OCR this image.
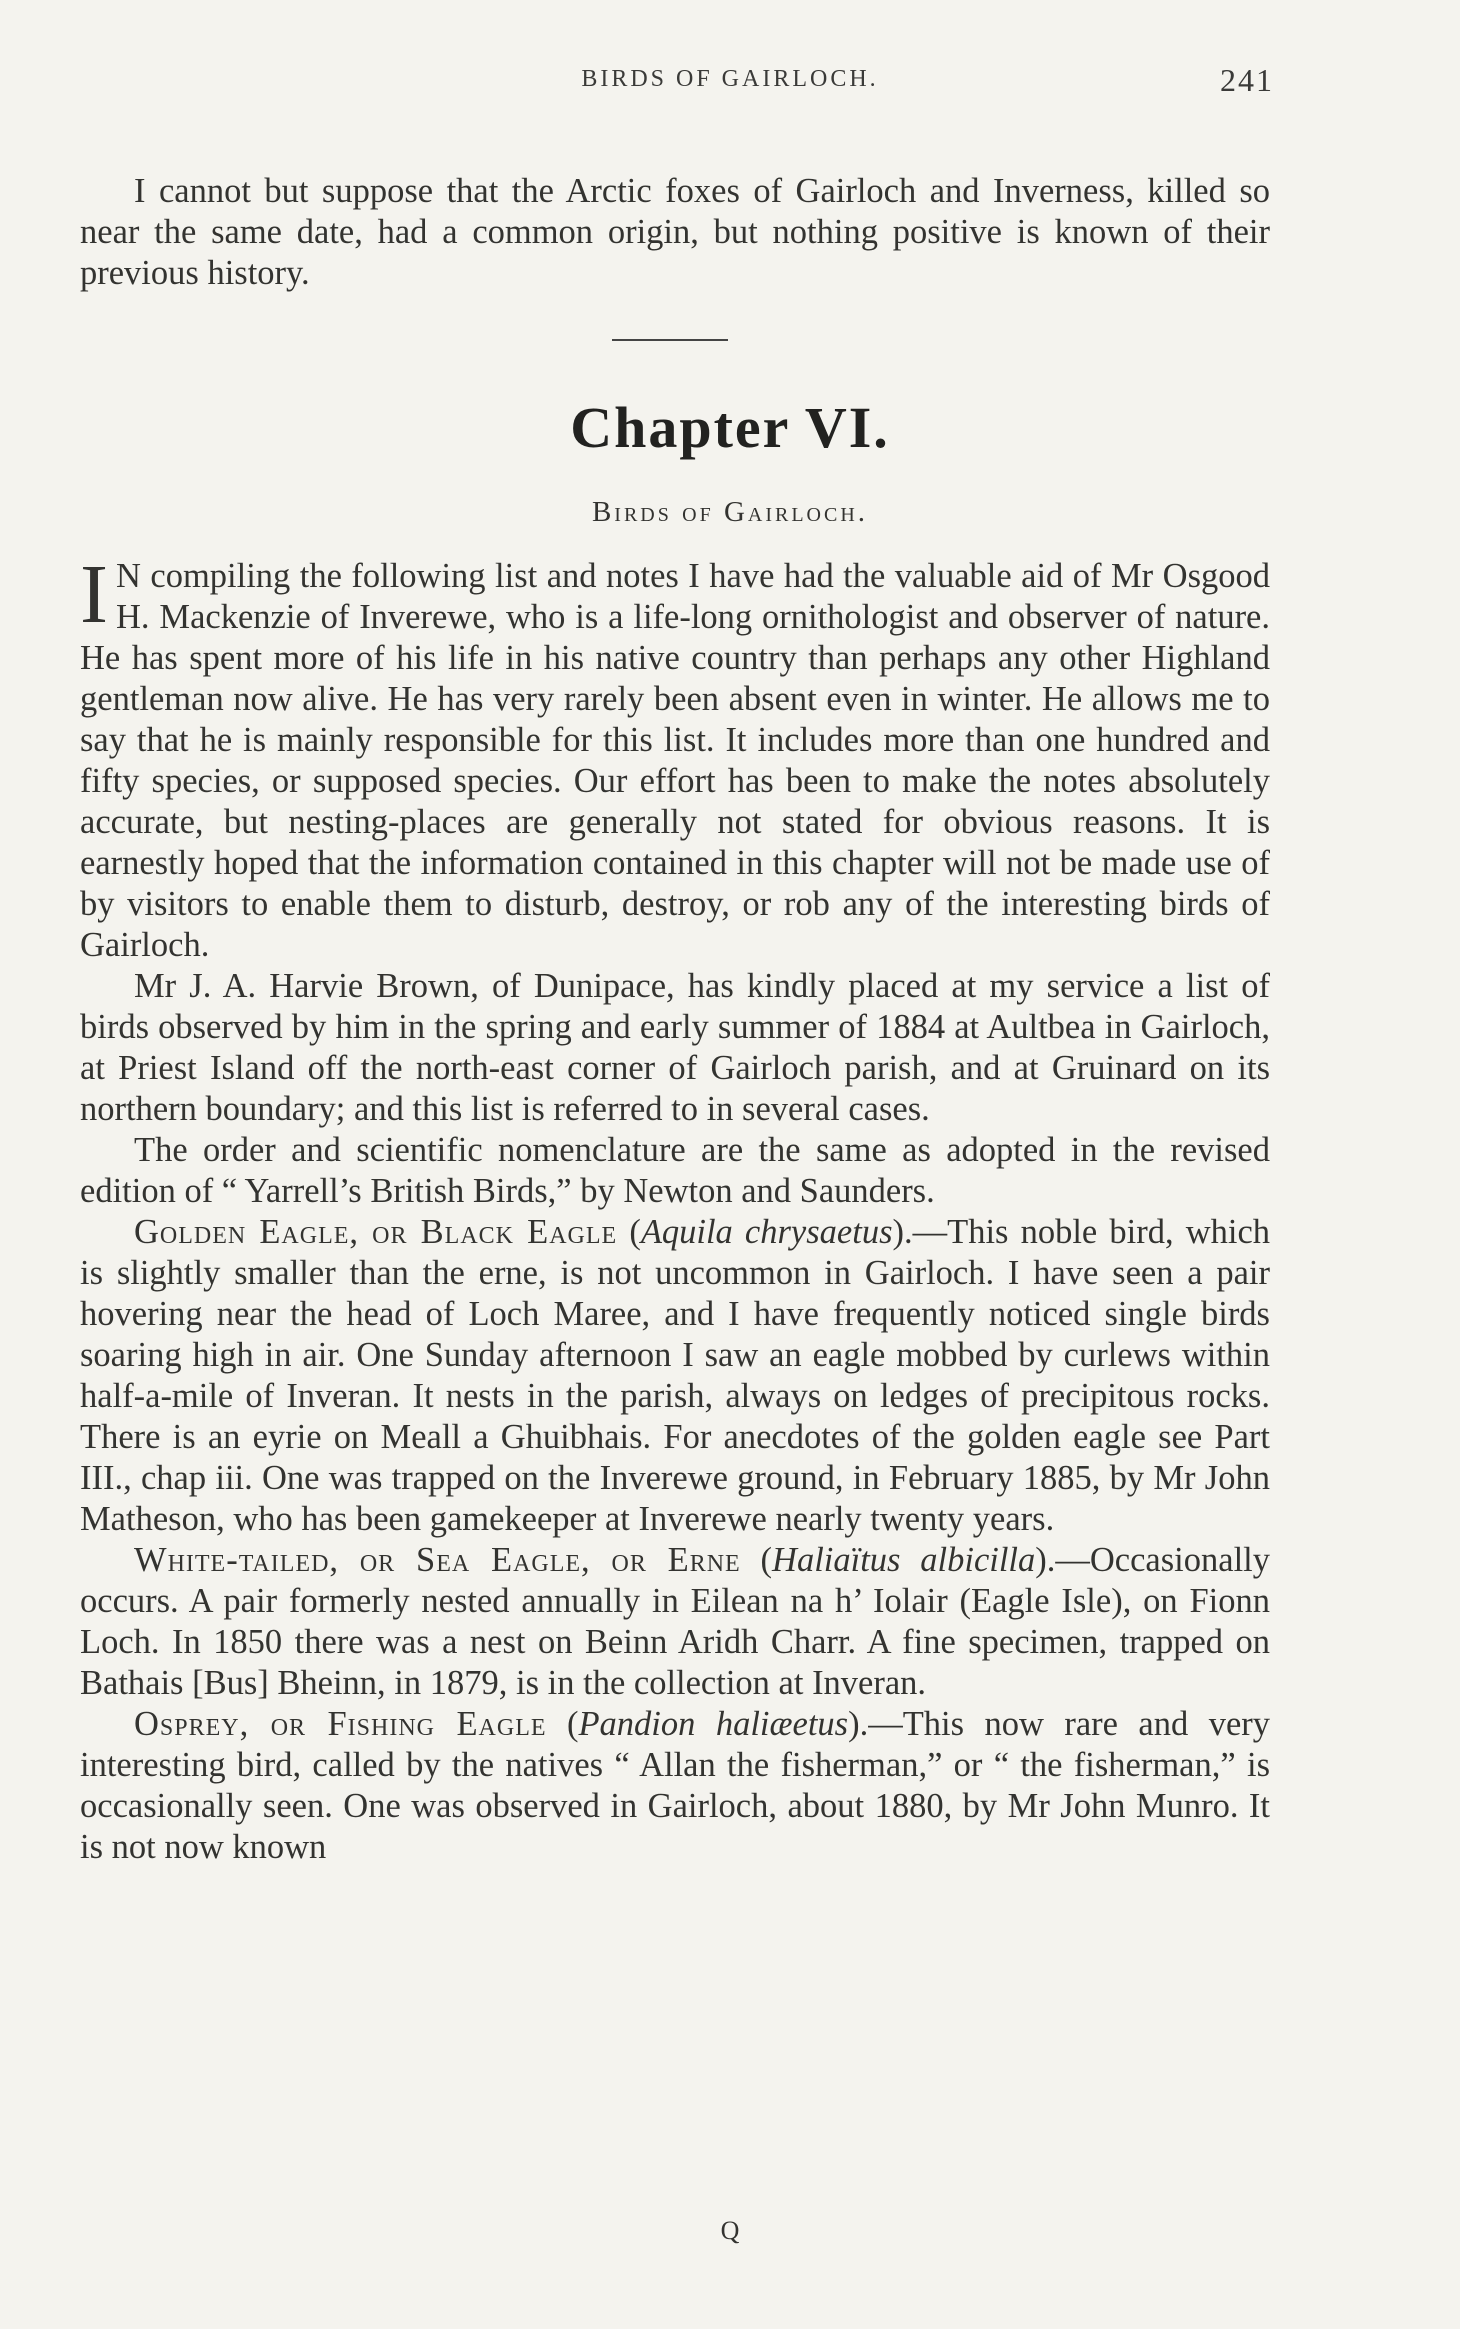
BIRDS OF GAIRLOCH.	241

I cannot but suppose that the Arctic foxes of Gairloch and Inverness, killed so near the same date, had a common origin, but nothing positive is known of their previous history.

Chapter VI.
Birds of Gairloch.

I N compiling the following list and notes I have had the valuable aid of Mr Osgood H. Mackenzie of Inverewe, who is a life-long ornithologist and observer of nature. He has spent more of his life in his native country than perhaps any other Highland gentleman now alive. He has very rarely been absent even in winter. He allows me to say that he is mainly responsible for this list. It includes more than one hundred and fifty species, or supposed species. Our effort has been to make the notes absolutely accurate, but nesting-places are generally not stated for obvious reasons. It is earnestly hoped that the information contained in this chapter will not be made use of by visitors to enable them to disturb, destroy, or rob any of the interesting birds of Gairloch.

Mr J. A. Harvie Brown, of Dunipace, has kindly placed at my service a list of birds observed by him in the spring and early summer of 1884 at Aultbea in Gairloch, at Priest Island off the north-east corner of Gairloch parish, and at Gruinard on its northern boundary; and this list is referred to in several cases.

The order and scientific nomenclature are the same as adopted in the revised edition of “ Yarrell’s British Birds,” by Newton and Saunders.

Golden Eagle, or Black Eagle (Aquila chrysaetus).—This noble bird, which is slightly smaller than the erne, is not uncommon in Gairloch. I have seen a pair hovering near the head of Loch Maree, and I have frequently noticed single birds soaring high in air. One Sunday afternoon I saw an eagle mobbed by curlews within half-a-mile of Inveran. It nests in the parish, always on ledges of precipitous rocks. There is an eyrie on Meall a Ghuibhais. For anecdotes of the golden eagle see Part III., chap iii. One was trapped on the Inverewe ground, in February 1885, by Mr John Matheson, who has been gamekeeper at Inverewe nearly twenty years.

White-tailed, or Sea Eagle, or Erne (Haliaïtus albicilla).—Occasionally occurs. A pair formerly nested annually in Eilean na h’ Iolair (Eagle Isle), on Fionn Loch. In 1850 there was a nest on Beinn Aridh Charr. A fine specimen, trapped on Bathais [Bus] Bheinn, in 1879, is in the collection at Inveran.

Osprey, or Fishing Eagle (Pandion haliæetus).—This now rare and very interesting bird, called by the natives “ Allan the fisherman,” or “ the fisherman,” is occasionally seen. One was observed in Gairloch, about 1880, by Mr John Munro. It is not now known

Q
